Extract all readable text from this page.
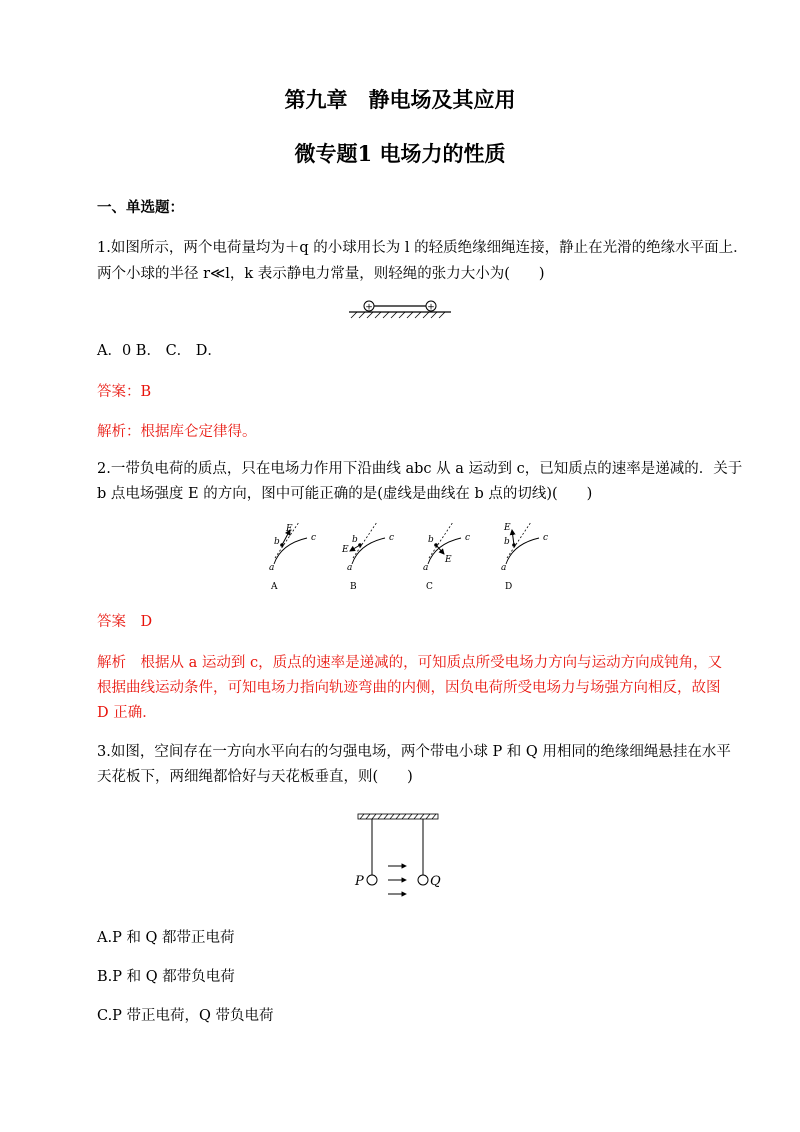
第九章　静电场及其应用
微专题1 电场力的性质
一、单选题：
1.如图所示，两个电荷量均为＋q 的小球用长为 l 的轻质绝缘细绳连接，静止在光滑的绝缘水平面上．
两个小球的半径 r≪l，k 表示静电力常量，则轻绳的张力大小为(　　)
+	+
A．0 B． C． D．
答案：B
解析：根据库仑定律得。
2.一带负电荷的质点，只在电场力作用下沿曲线 abc 从 a 运动到 c，已知质点的速率是递减的．关于
b 点电场强度 E 的方向，图中可能正确的是(虚线是曲线在 b 点的切线)(　　)
E
b	c
a
A
E
b	c
a
B
E
b	c
a
C
E
b	c
a
D
答案　D
解析　根据从 a 运动到 c，质点的速率是递减的，可知质点所受电场力方向与运动方向成钝角，又
根据曲线运动条件，可知电场力指向轨迹弯曲的内侧，因负电荷所受电场力与场强方向相反，故图
D 正确．
3.如图，空间存在一方向水平向右的匀强电场，两个带电小球 P 和 Q 用相同的绝缘细绳悬挂在水平
天花板下，两细绳都恰好与天花板垂直，则(　　)
P	Q
A.P 和 Q 都带正电荷
B.P 和 Q 都带负电荷
C.P 带正电荷，Q 带负电荷
